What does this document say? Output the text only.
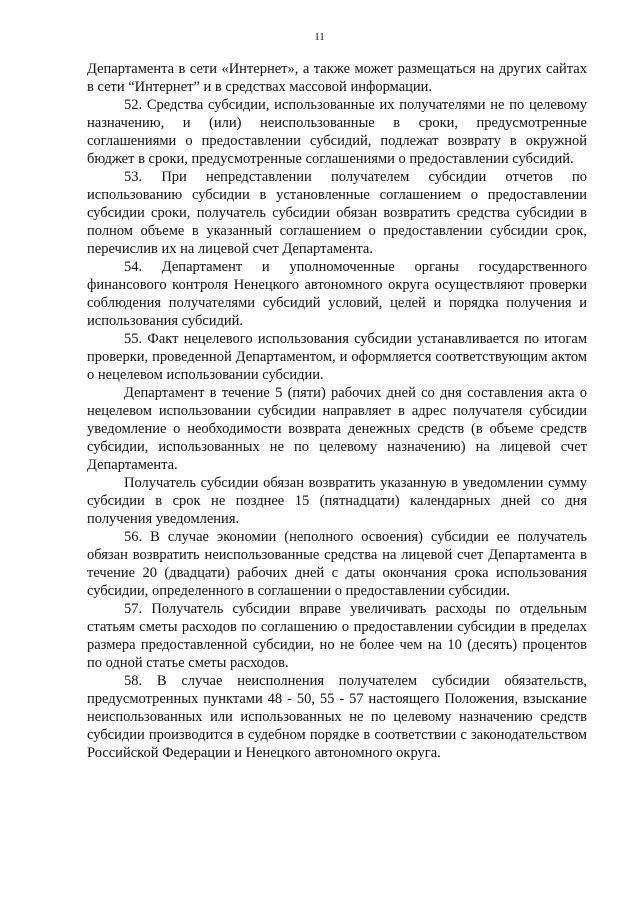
11

Департамента в сети «Интернет», а также может размещаться на других сайтах в сети “Интернет” и в средствах массовой информации.

52. Средства субсидии, использованные их получателями не по целевому назначению, и (или) неиспользованные в сроки, предусмотренные соглашениями о предоставлении субсидий, подлежат возврату в окружной бюджет в сроки, предусмотренные соглашениями о предоставлении субсидий.

53. При непредставлении получателем субсидии отчетов по использованию субсидии в установленные соглашением о предоставлении субсидии сроки, получатель субсидии обязан возвратить средства субсидии в полном объеме в указанный соглашением о предоставлении субсидии срок, перечислив их на лицевой счет Департамента.

54. Департамент и уполномоченные органы государственного финансового контроля Ненецкого автономного округа осуществляют проверки соблюдения получателями субсидий условий, целей и порядка получения и использования субсидий.

55. Факт нецелевого использования субсидии устанавливается по итогам проверки, проведенной Департаментом, и оформляется соответствующим актом о нецелевом использовании субсидии.

Департамент в течение 5 (пяти) рабочих дней со дня составления акта о нецелевом использовании субсидии направляет в адрес получателя субсидии уведомление о необходимости возврата денежных средств (в объеме средств субсидии, использованных не по целевому назначению) на лицевой счет Департамента.

Получатель субсидии обязан возвратить указанную в уведомлении сумму субсидии в срок не позднее 15 (пятнадцати) календарных дней со дня получения уведомления.

56. В случае экономии (неполного освоения) субсидии ее получатель обязан возвратить неиспользованные средства на лицевой счет Департамента в течение 20 (двадцати) рабочих дней с даты окончания срока использования субсидии, определенного в соглашении о предоставлении субсидии.

57. Получатель субсидии вправе увеличивать расходы по отдельным статьям сметы расходов по соглашению о предоставлении субсидии в пределах размера предоставленной субсидии, но не более чем на 10 (десять) процентов по одной статье сметы расходов.

58. В случае неисполнения получателем субсидии обязательств, предусмотренных пунктами 48 - 50, 55 - 57 настоящего Положения, взыскание неиспользованных или использованных не по целевому назначению средств субсидии производится в судебном порядке в соответствии с законодательством Российской Федерации и Ненецкого автономного округа.
